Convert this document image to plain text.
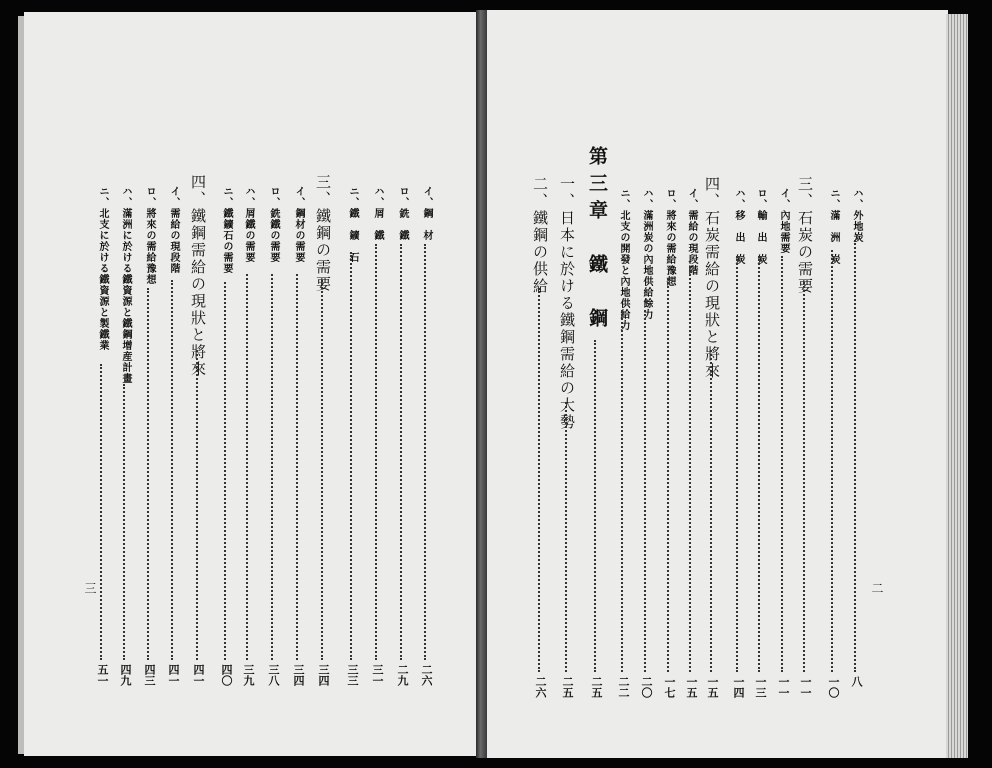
イ、鋼　材
二六
ロ、銑　鐵
二九
ハ、屑　鐵
三一
ニ、鐵　鑛　石
三三
三、鐵鋼の需要
三四
イ、鋼材の需要
三四
ロ、銑鐵の需要
三八
ハ、屑鐵の需要
三九
ニ、鐵鑛石の需要
四〇
四、鐵鋼需給の現狀と將來
四一
イ、需給の現段階
四一
ロ、將來の需給豫想
四三
ハ、滿洲に於ける鐵資源と鐵鋼增産計畫
四九
ニ、北支に於ける鐵資源と製鐵業
五一
三
ハ、外地炭
八
ニ、滿　洲　炭
一〇
三、石炭の需要
一一
イ、內地需要
一一
ロ、輸　出　炭
一三
ハ、移　出　炭
一四
四、石炭需給の現狀と將來
一五
イ、需給の現段階
一五
ロ、將來の需給豫想
一七
ハ、滿洲炭の內地供給餘力
二〇
ニ、北支の開發と內地供給力
二二
第三章　鐵　鋼
二五
一、日本に於ける鐵鋼需給の大勢
二五
二、鐵鋼の供給
二六
二
